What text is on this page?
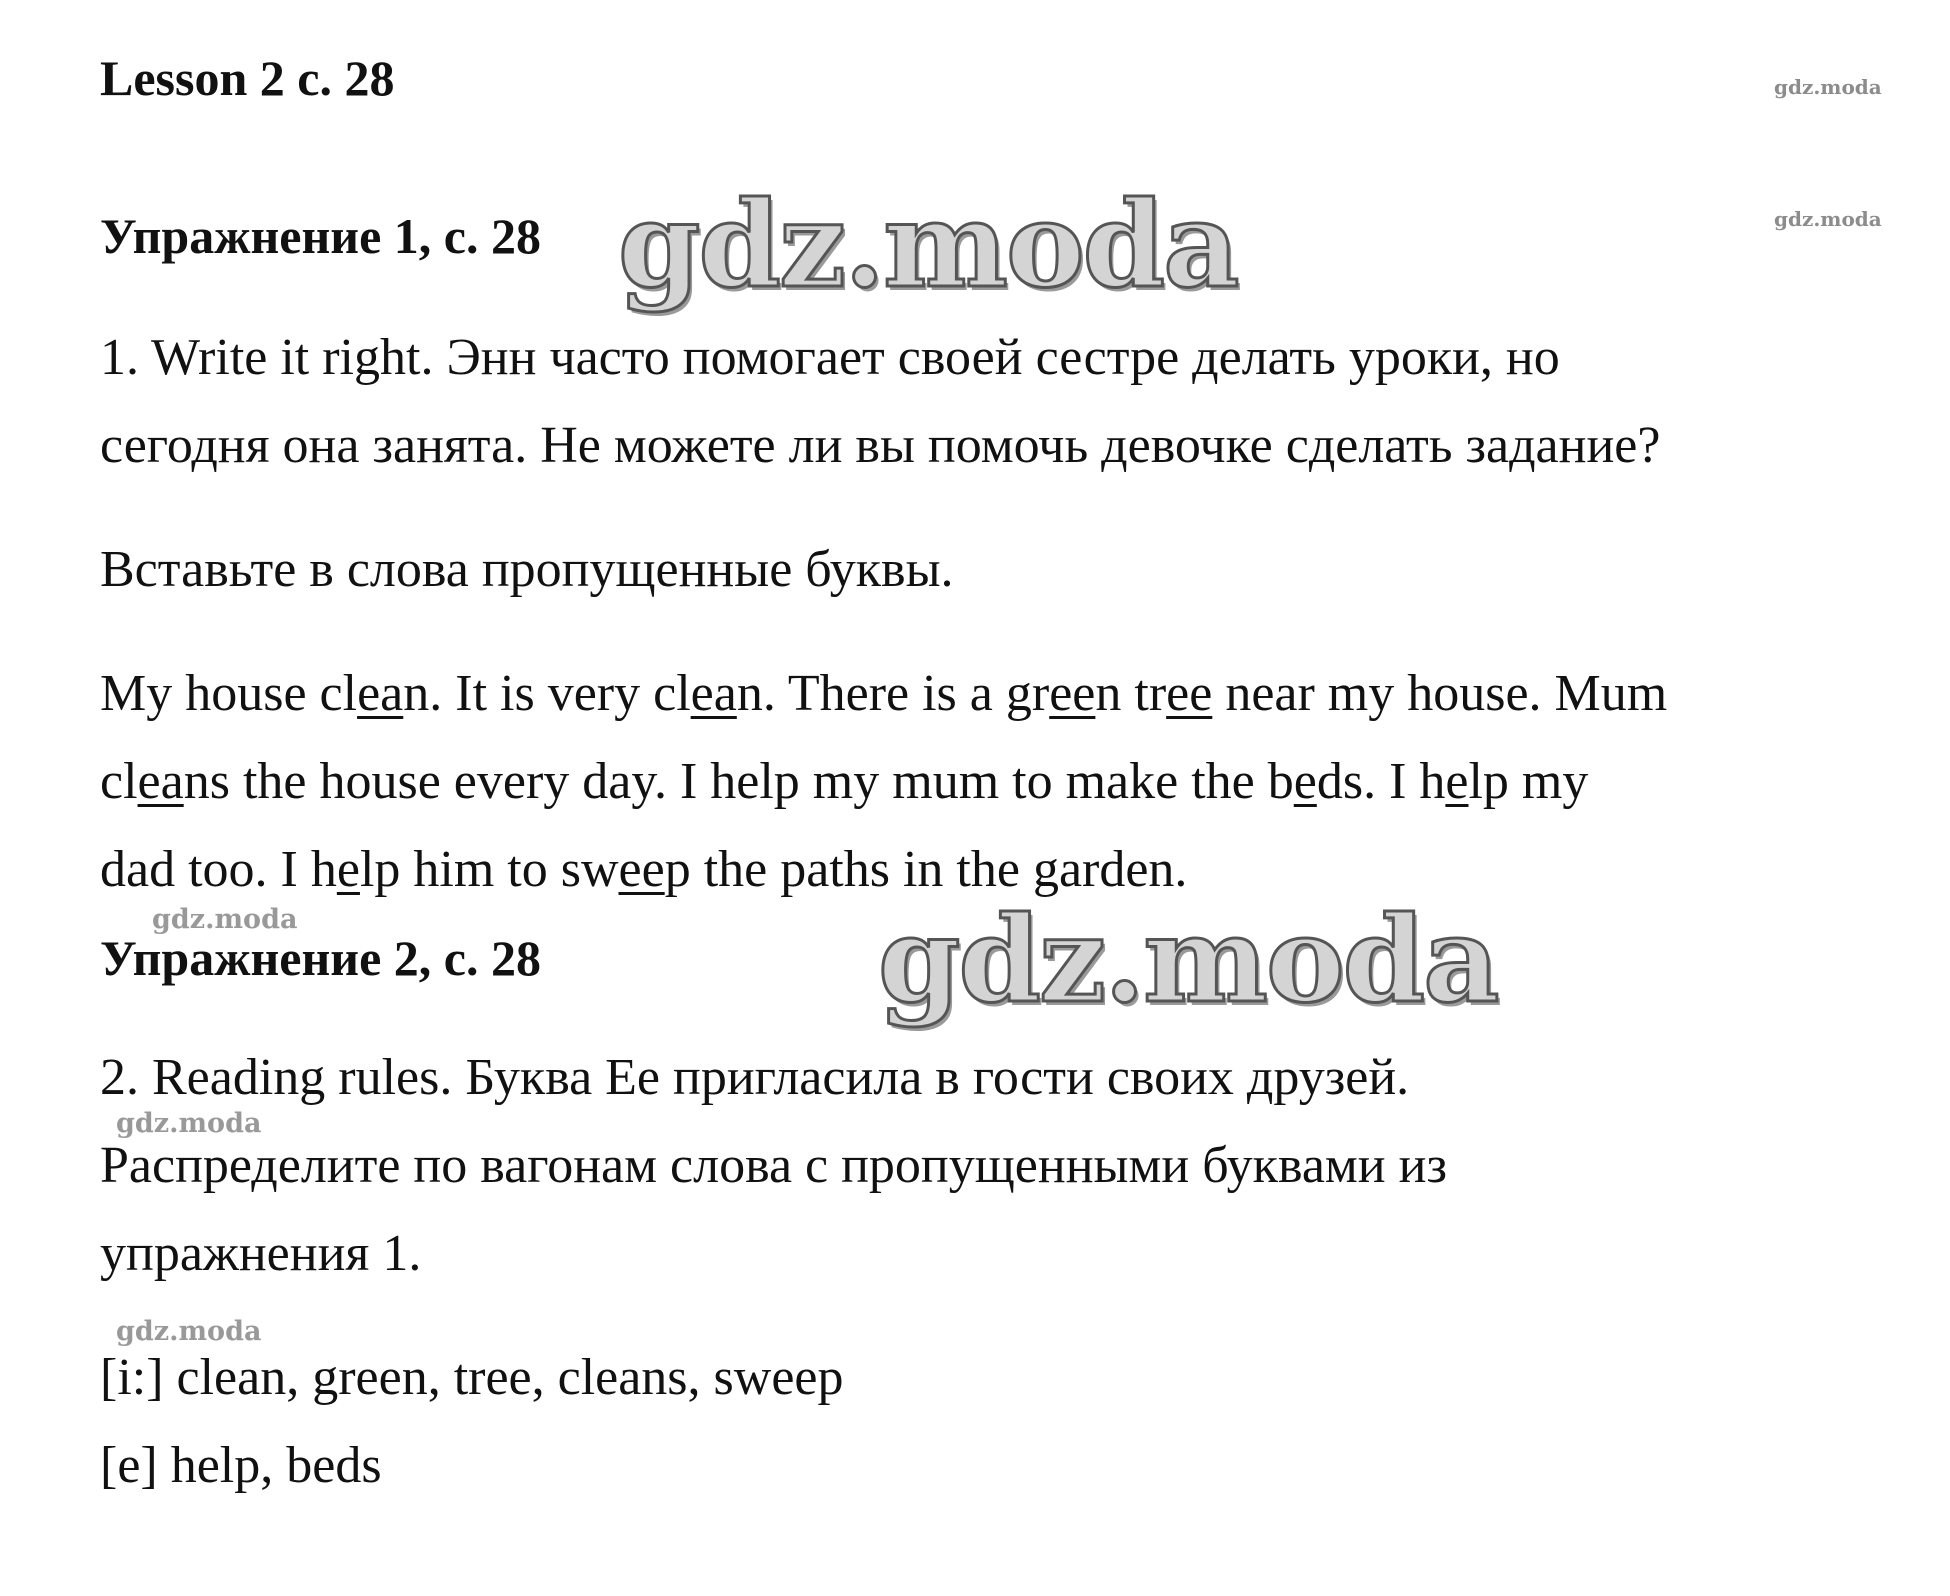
Lesson 2 с. 28
Упражнение 1, с. 28

1. Write it right. Энн часто помогает своей сестре делать уроки, но
сегодня она занята. Не можете ли вы помочь девочке сделать задание?

Вставьте в слова пропущенные буквы.

My house clean. It is very clean. There is a green tree near my house. Mum
cleans the house every day. I help my mum to make the beds. I help my
dad too. I help him to sweep the paths in the garden.

Упражнение 2, с. 28

2. Reading rules. Буква Ee пригласила в гости своих друзей.
Распределите по вагонам слова с пропущенными буквами из
упражнения 1.

[i:] clean, green, tree, cleans, sweep
[e] help, beds

gdz.moda
gdz.moda
gdz.moda
gdz.moda
gdz.moda
gdz.moda
gdz.moda
